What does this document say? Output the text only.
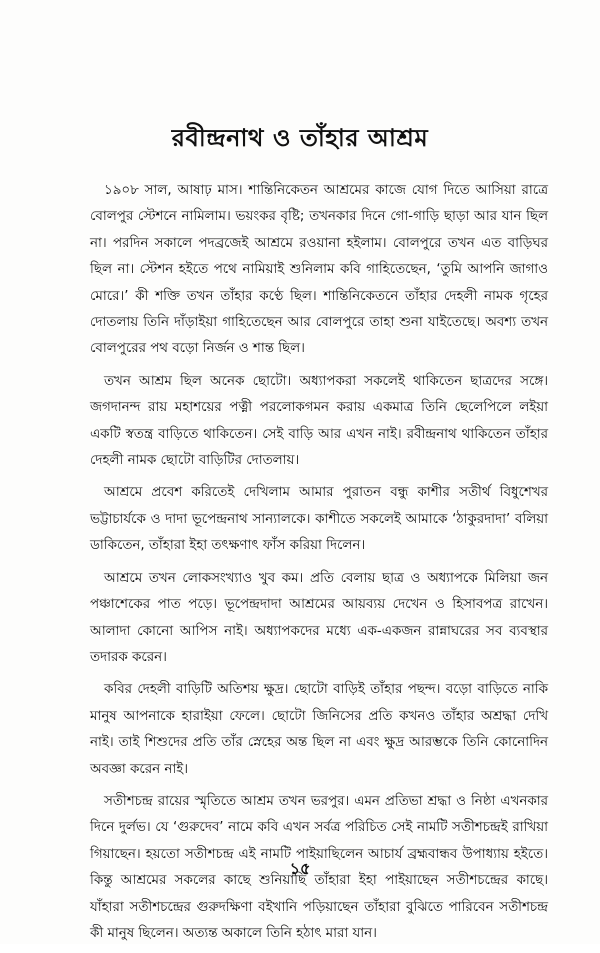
রবীন্দ্রনাথ ও তাঁহার আশ্রম

১৯০৮ সাল, আষাঢ় মাস। শান্তিনিকেতন আশ্রমের কাজে যোগ দিতে আসিয়া রাত্রে বোলপুর স্টেশনে নামিলাম। ভয়ংকর বৃষ্টি; তখনকার দিনে গো-গাড়ি ছাড়া আর যান ছিল না। পরদিন সকালে পদব্রজেই আশ্রমে রওয়ানা হইলাম। বোলপুরে তখন এত বাড়িঘর ছিল না। স্টেশন হইতে পথে নামিয়াই শুনিলাম কবি গাহিতেছেন, ‘তুমি আপনি জাগাও মোরে।’ কী শক্তি তখন তাঁহার কণ্ঠে ছিল। শান্তিনিকেতনে তাঁহার দেহলী নামক গৃহের দোতলায় তিনি দাঁড়াইয়া গাহিতেছেন আর বোলপুরে তাহা শুনা যাইতেছে। অবশ্য তখন বোলপুরের পথ বড়ো নির্জন ও শান্ত ছিল।

তখন আশ্রম ছিল অনেক ছোটো। অধ্যাপকরা সকলেই থাকিতেন ছাত্রদের সঙ্গে। জগদানন্দ রায় মহাশয়ের পত্নী পরলোকগমন করায় একমাত্র তিনি ছেলেপিলে লইয়া একটি স্বতন্ত্র বাড়িতে থাকিতেন। সেই বাড়ি আর এখন নাই। রবীন্দ্রনাথ থাকিতেন তাঁহার দেহলী নামক ছোটো বাড়িটির দোতলায়।

আশ্রমে প্রবেশ করিতেই দেখিলাম আমার পুরাতন বন্ধু কাশীর সতীর্থ বিধুশেখর ভট্টাচার্যকে ও দাদা ভূপেন্দ্রনাথ সান্যালকে। কাশীতে সকলেই আমাকে ‘ঠাকুরদাদা’ বলিয়া ডাকিতেন, তাঁহারা ইহা তৎক্ষণাৎ ফাঁস করিয়া দিলেন।

আশ্রমে তখন লোকসংখ্যাও খুব কম। প্রতি বেলায় ছাত্র ও অধ্যাপকে মিলিয়া জন পঞ্চাশেকের পাত পড়ে। ভূপেন্দ্রদাদা আশ্রমের আয়ব্যয় দেখেন ও হিসাবপত্র রাখেন। আলাদা কোনো আপিস নাই। অধ্যাপকদের মধ্যে এক-একজন রান্নাঘরের সব ব্যবস্থার তদারক করেন।

কবির দেহলী বাড়িটি অতিশয় ক্ষুদ্র। ছোটো বাড়িই তাঁহার পছন্দ। বড়ো বাড়িতে নাকি মানুষ আপনাকে হারাইয়া ফেলে। ছোটো জিনিসের প্রতি কখনও তাঁহার অশ্রদ্ধা দেখি নাই। তাই শিশুদের প্রতি তাঁর স্নেহের অন্ত ছিল না এবং ক্ষুদ্র আরম্ভকে তিনি কোনোদিন অবজ্ঞা করেন নাই।

সতীশচন্দ্র রায়ের স্মৃতিতে আশ্রম তখন ভরপুর। এমন প্রতিভা শ্রদ্ধা ও নিষ্ঠা এখনকার দিনে দুর্লভ। যে ‘গুরুদেব’ নামে কবি এখন সর্বত্র পরিচিত সেই নামটি সতীশচন্দ্রই রাখিয়া গিয়াছেন। হয়তো সতীশচন্দ্র এই নামটি পাইয়াছিলেন আচার্য ব্রহ্মবান্ধব উপাধ্যায় হইতে। কিন্তু আশ্রমের সকলের কাছে শুনিয়াছি তাঁহারা ইহা পাইয়াছেন সতীশচন্দ্রের কাছে। যাঁহারা সতীশচন্দ্রের গুরুদক্ষিণা বইখানি পড়িয়াছেন তাঁহারা বুঝিতে পারিবেন সতীশচন্দ্র কী মানুষ ছিলেন। অত্যন্ত অকালে তিনি হঠাৎ মারা যান।

১৫
